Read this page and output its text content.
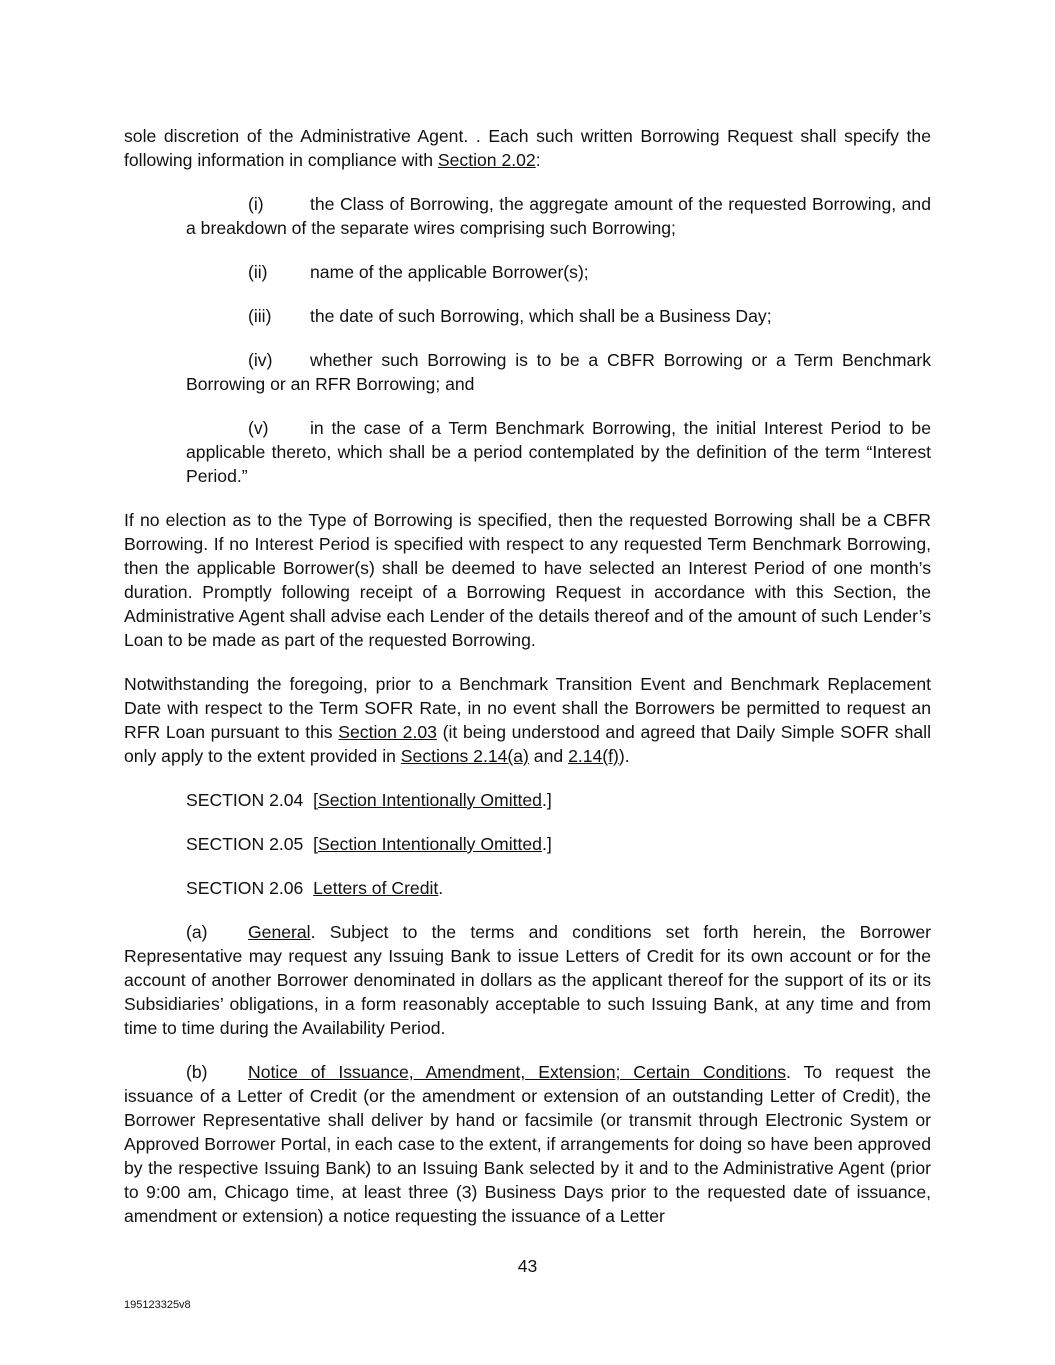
sole discretion of the Administrative Agent. . Each such written Borrowing Request shall specify the following information in compliance with Section 2.02:

(i)	the Class of Borrowing, the aggregate amount of the requested Borrowing, and a breakdown of the separate wires comprising such Borrowing;
(ii) name of the applicable Borrower(s);
(iii) the date of such Borrowing, which shall be a Business Day;
(iv) whether such Borrowing is to be a CBFR Borrowing or a Term Benchmark Borrowing or an RFR Borrowing; and
(v) in the case of a Term Benchmark Borrowing, the initial Interest Period to be applicable thereto, which shall be a period contemplated by the definition of the term “Interest Period.”

If no election as to the Type of Borrowing is specified, then the requested Borrowing shall be a CBFR Borrowing. If no Interest Period is specified with respect to any requested Term Benchmark Borrowing, then the applicable Borrower(s) shall be deemed to have selected an Interest Period of one month’s duration. Promptly following receipt of a Borrowing Request in accordance with this Section, the Administrative Agent shall advise each Lender of the details thereof and of the amount of such Lender’s Loan to be made as part of the requested Borrowing.

Notwithstanding the foregoing, prior to a Benchmark Transition Event and Benchmark Replacement Date with respect to the Term SOFR Rate, in no event shall the Borrowers be permitted to request an RFR Loan pursuant to this Section 2.03 (it being understood and agreed that Daily Simple SOFR shall only apply to the extent provided in Sections 2.14(a) and 2.14(f)).

SECTION 2.04 [Section Intentionally Omitted.]
SECTION 2.05 [Section Intentionally Omitted.]
SECTION 2.06 Letters of Credit.

(a) General. Subject to the terms and conditions set forth herein, the Borrower Representative may request any Issuing Bank to issue Letters of Credit for its own account or for the account of another Borrower denominated in dollars as the applicant thereof for the support of its or its Subsidiaries’ obligations, in a form reasonably acceptable to such Issuing Bank, at any time and from time to time during the Availability Period.

(b) Notice of Issuance, Amendment, Extension; Certain Conditions. To request the issuance of a Letter of Credit (or the amendment or extension of an outstanding Letter of Credit), the Borrower Representative shall deliver by hand or facsimile (or transmit through Electronic System or Approved Borrower Portal, in each case to the extent, if arrangements for doing so have been approved by the respective Issuing Bank) to an Issuing Bank selected by it and to the Administrative Agent (prior to 9:00 am, Chicago time, at least three (3) Business Days prior to the requested date of issuance, amendment or extension) a notice requesting the issuance of a Letter

43
195123325v8
